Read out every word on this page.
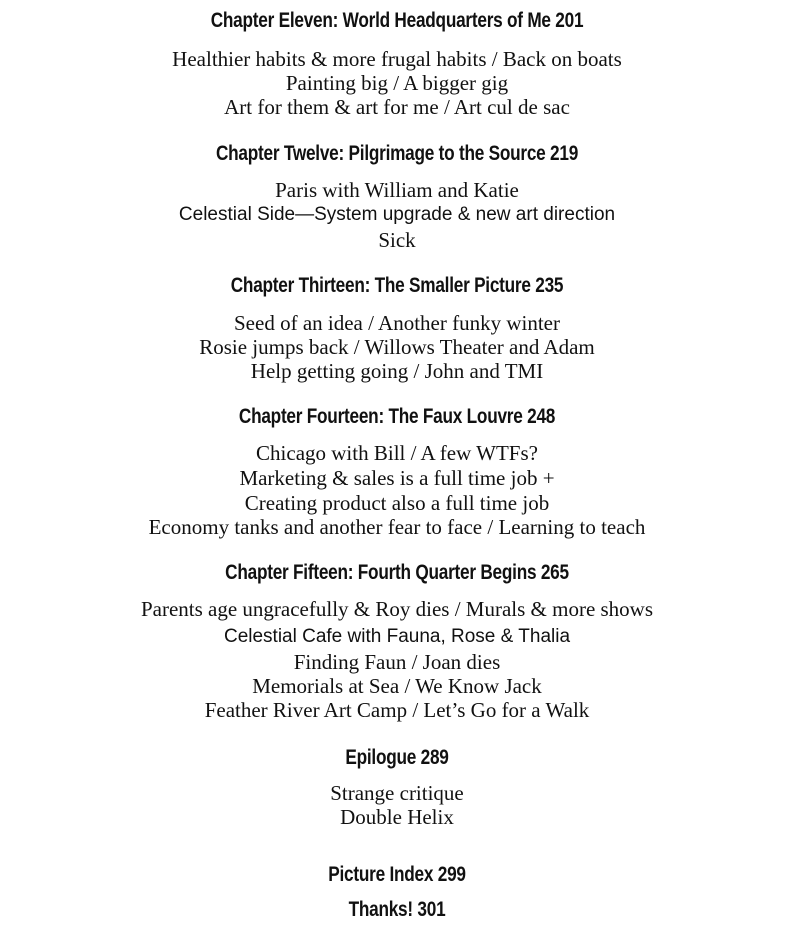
Chapter Eleven: World Headquarters of Me 201
Healthier habits & more frugal habits / Back on boats
Painting big / A bigger gig
Art for them & art for me / Art cul de sac
Chapter Twelve: Pilgrimage to the Source 219
Paris with William and Katie
Celestial Side—System upgrade & new art direction
Sick
Chapter Thirteen: The Smaller Picture 235
Seed of an idea / Another funky winter
Rosie jumps back / Willows Theater and Adam
Help getting going / John and TMI
Chapter Fourteen: The Faux Louvre 248
Chicago with Bill / A few WTFs?
Marketing & sales is a full time job +
Creating product also a full time job
Economy tanks and another fear to face / Learning to teach
Chapter Fifteen: Fourth Quarter Begins 265
Parents age ungracefully & Roy dies / Murals & more shows
Celestial Cafe with Fauna, Rose & Thalia
Finding Faun / Joan dies
Memorials at Sea / We Know Jack
Feather River Art Camp / Let’s Go for a Walk
Epilogue 289
Strange critique
Double Helix
Picture Index 299
Thanks! 301
